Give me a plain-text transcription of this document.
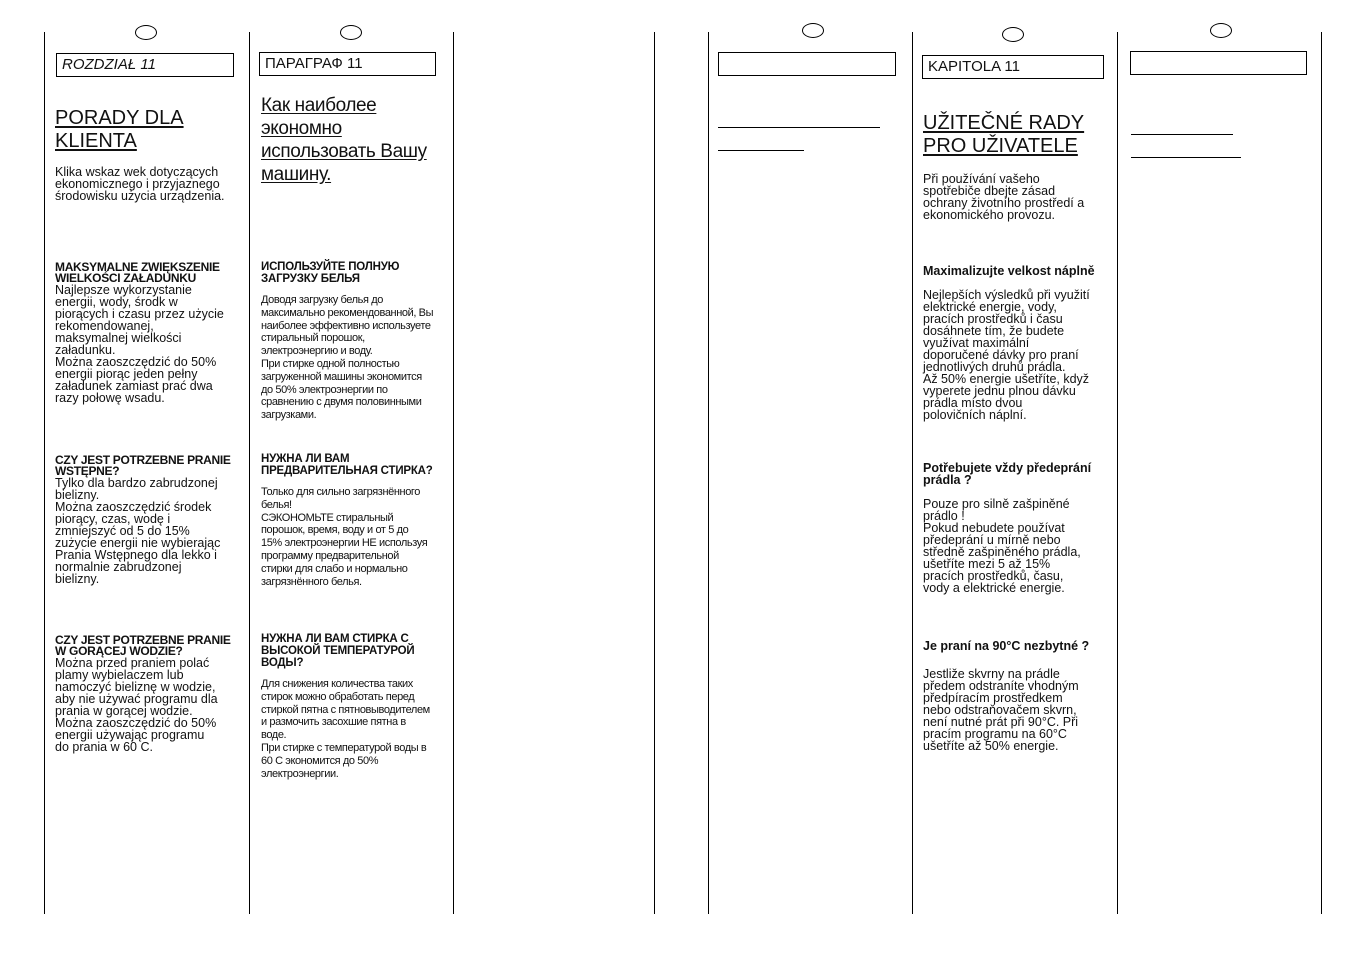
ROZDZIAŁ 11	ПАРАГРАФ 11	KAPITOLA 11
PORADY DLA
KLIENTA

Klika wskaz wek dotyczących
ekonomicznego i przyjaznego
środowisku użycia urządzenia.

MAKSYMALNE ZWIĘKSZENIE
WIELKOŚCI ZAŁADUNKU

Najlepsze wykorzystanie
energii, wody, środk w
piorących i czasu przez użycie
rekomendowanej,
maksymalnej wielkości
załadunku.
Można zaoszczędzić do 50%
energii piorąc jeden pełny
załadunek zamiast prać dwa
razy połowę wsadu.

CZY JEST POTRZEBNE PRANIE
WSTĘPNE?

Tylko dla bardzo zabrudzonej
bielizny.
Można zaoszczędzić środek
piorący, czas, wodę i
zmniejszyć od 5 do 15%
zużycie energii nie wybierając
Prania Wstępnego dla lekko i
normalnie zabrudzonej
bielizny.

CZY JEST POTRZEBNE PRANIE
W GORĄCEJ WODZIE?

Można przed praniem polać
plamy wybielaczem lub
namoczyć bieliznę w wodzie,
aby nie używać programu dla
prania w gorącej wodzie.
Można zaoszczędzić do 50%
energii używając programu
do prania w 60 C.

Как наиболее экономно
использовать Вашу
машину.

ИСПОЛЬЗУЙТЕ ПОЛНУЮ
ЗАГРУЗКУ БЕЛЬЯ

Доводя загрузку белья до
максимально рекомендованной, Вы
наиболее эффективно используете
стиральный порошок,
электроэнергию и воду.
При стирке одной полностью
загруженной машины экономится
до 50% электроэнергии по
сравнению с двумя половинными
загрузками.

НУЖНА ЛИ ВАМ
ПРЕДВАРИТЕЛЬНАЯ СТИРКА?

Только для сильно загрязнённого
белья!
СЭКОНОМЬТЕ стиральный
порошок, время, воду и от 5 до
15% электроэнергии НЕ используя
программу предварительной
стирки для слабо и нормально
загрязнённого белья.

НУЖНА ЛИ ВАМ СТИРКА С
ВЫСОКОЙ ТЕМПЕРАТУРОЙ
ВОДЫ?

Для снижения количества таких
стирок можно обработать перед
стиркой пятна с пятновыводителем
и размочить засохшие пятна в
воде.
При стирке с температурой воды в
60 С экономится до 50%
электроэнергии.

UŽITEČNÉ RADY
PRO UŽIVATELE

Při používání vašeho
spotřebiče dbejte zásad
ochrany životního prostředí a
ekonomického provozu.

Maximalizujte velkost náplně

Nejlepších výsledků při využití
elektrické energie, vody,
pracích prostředků i času
dosáhnete tím, že budete
využívat maximální
doporučené dávky pro praní
jednotlivých druhů prádla.
Až 50% energie ušetříte, když
vyperete jednu plnou dávku
prádla místo dvou
polovičních náplní.

Potřebujete vždy předeprání
prádla ?

Pouze pro silně zašpiněné
prádlo !
Pokud nebudete používat
předeprání u mírně nebo
středně zašpiněného prádla,
ušetříte mezi 5 až 15%
pracích prostředků, času,
vody a elektrické energie.

Je praní na 90°C nezbytné ?

Jestliže skvrny na prádle
předem odstraníte vhodným
předpíracím prostředkem
nebo odstraňovačem skvrn,
není nutné prát při 90°C. Při
pracím programu na 60°C
ušetříte až 50% energie.
